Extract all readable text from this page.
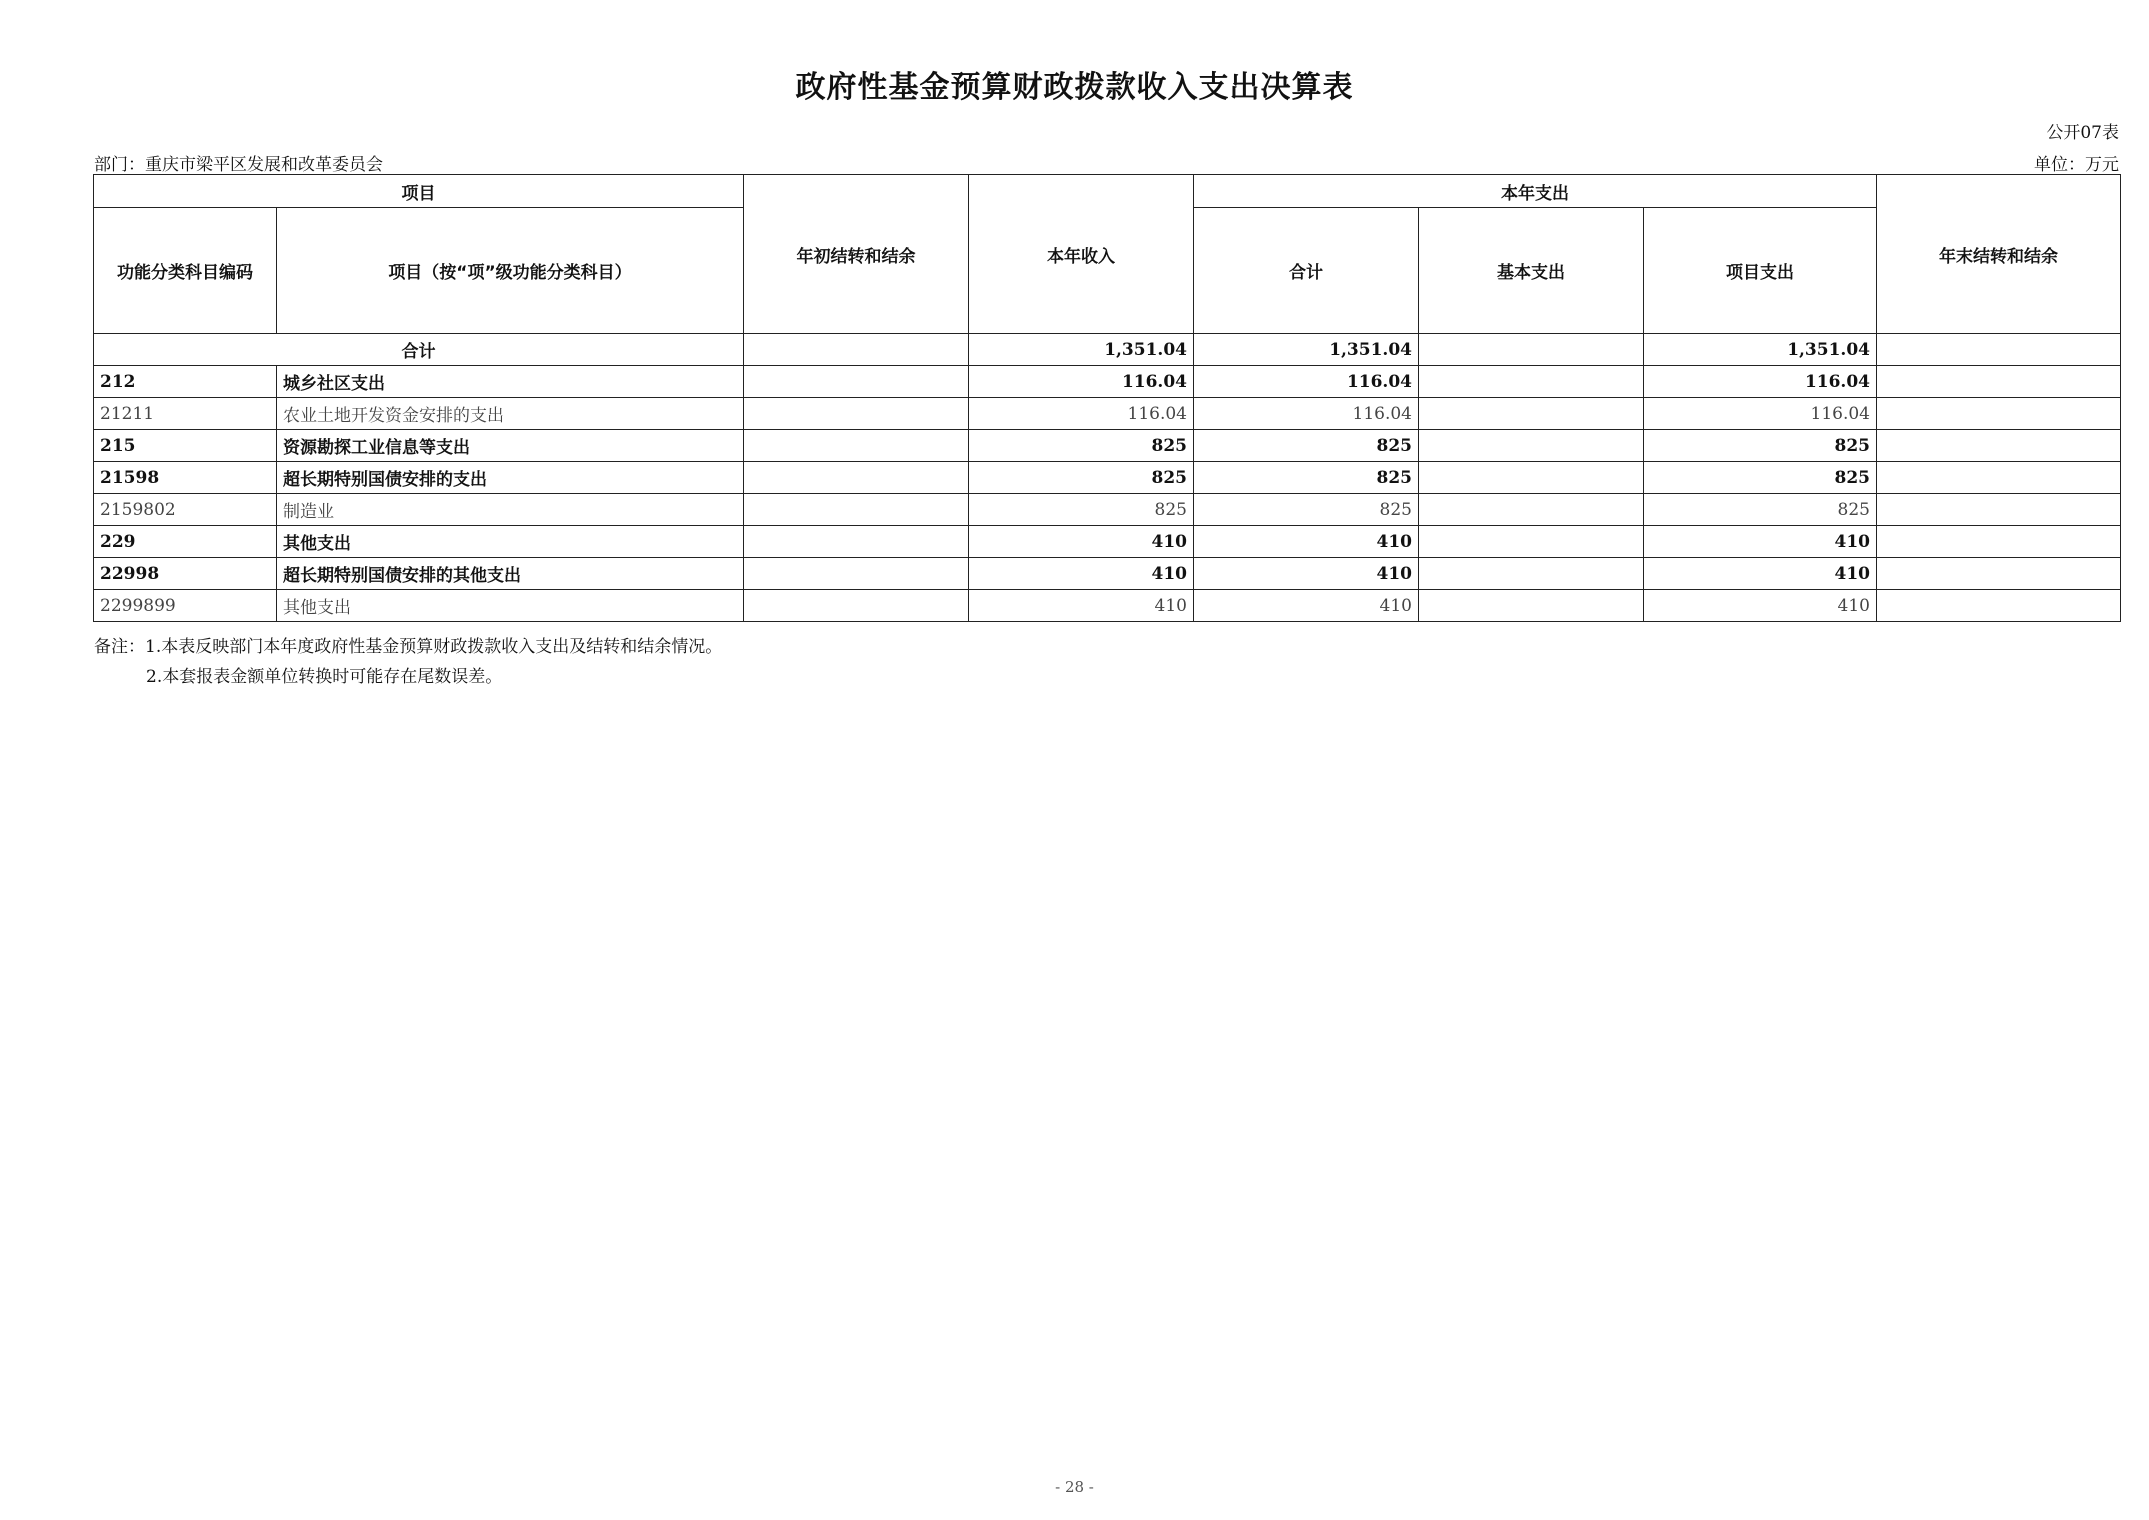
政府性基金预算财政拨款收入支出决算表
公开07表
部门：重庆市梁平区发展和改革委员会	单位：万元
项目		年初结转和结余	本年收入	本年支出			年末结转和结余
功能分类科目编码	项目（按“项”级功能分类科目）			合计	基本支出	项目支出	
合计			1,351.04	1,351.04		1,351.04	
212	城乡社区支出		116.04	116.04		116.04	
21211	农业土地开发资金安排的支出		116.04	116.04		116.04	
215	资源勘探工业信息等支出		825	825		825	
21598	超长期特别国债安排的支出		825	825		825	
2159802	制造业		825	825		825	
229	其他支出		410	410		410	
22998	超长期特别国债安排的其他支出		410	410		410	
2299899	其他支出		410	410		410	
备注：1.本表反映部门本年度政府性基金预算财政拨款收入支出及结转和结余情况。
2.本套报表金额单位转换时可能存在尾数误差。
- 28 -
